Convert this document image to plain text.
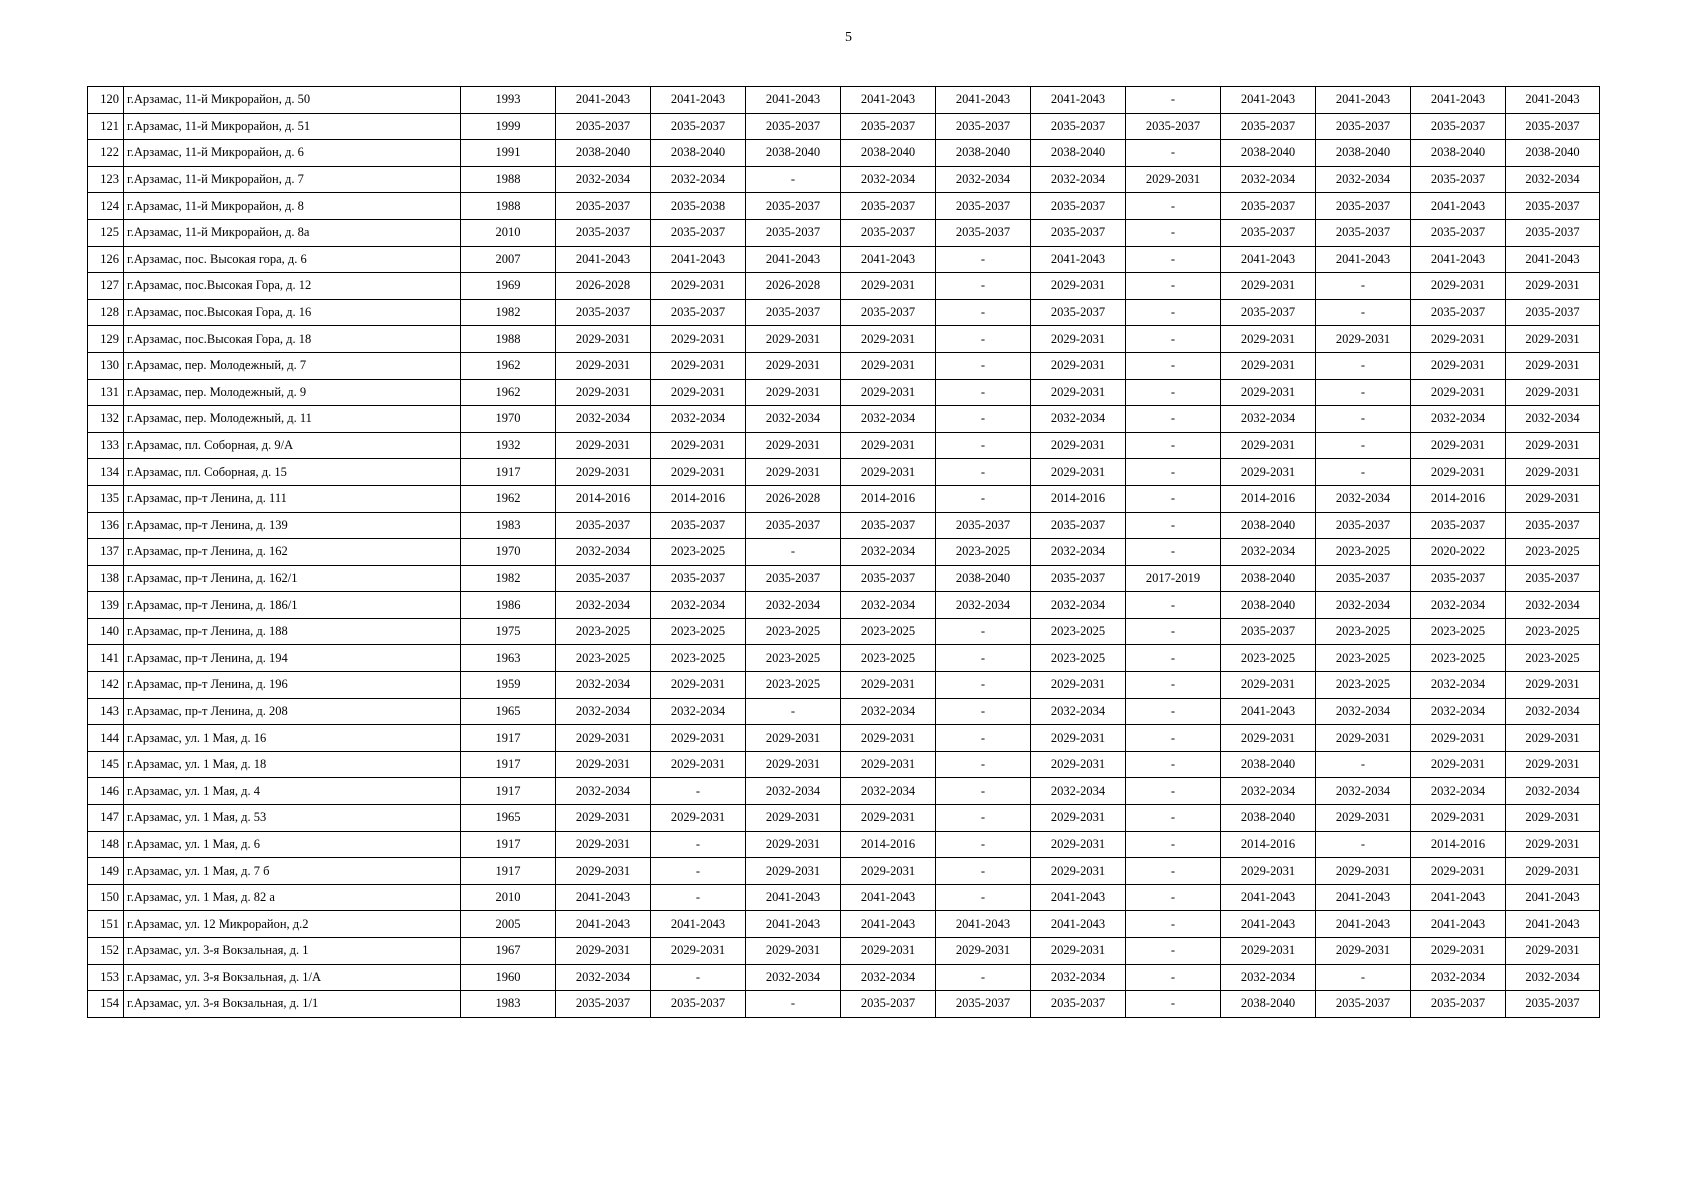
5
120	г.Арзамас, 11-й Микрорайон, д. 50	1993	2041-2043	2041-2043	2041-2043	2041-2043	2041-2043	2041-2043	-	2041-2043	2041-2043	2041-2043	2041-2043
121	г.Арзамас, 11-й Микрорайон, д. 51	1999	2035-2037	2035-2037	2035-2037	2035-2037	2035-2037	2035-2037	2035-2037	2035-2037	2035-2037	2035-2037	2035-2037
122	г.Арзамас, 11-й Микрорайон, д. 6	1991	2038-2040	2038-2040	2038-2040	2038-2040	2038-2040	2038-2040	-	2038-2040	2038-2040	2038-2040	2038-2040
123	г.Арзамас, 11-й Микрорайон, д. 7	1988	2032-2034	2032-2034	-	2032-2034	2032-2034	2032-2034	2029-2031	2032-2034	2032-2034	2035-2037	2032-2034
124	г.Арзамас, 11-й Микрорайон, д. 8	1988	2035-2037	2035-2038	2035-2037	2035-2037	2035-2037	2035-2037	-	2035-2037	2035-2037	2041-2043	2035-2037
125	г.Арзамас, 11-й Микрорайон, д. 8а	2010	2035-2037	2035-2037	2035-2037	2035-2037	2035-2037	2035-2037	-	2035-2037	2035-2037	2035-2037	2035-2037
126	г.Арзамас, пос. Высокая гора, д. 6	2007	2041-2043	2041-2043	2041-2043	2041-2043	-	2041-2043	-	2041-2043	2041-2043	2041-2043	2041-2043
127	г.Арзамас, пос.Высокая Гора, д. 12	1969	2026-2028	2029-2031	2026-2028	2029-2031	-	2029-2031	-	2029-2031	-	2029-2031	2029-2031
128	г.Арзамас, пос.Высокая Гора, д. 16	1982	2035-2037	2035-2037	2035-2037	2035-2037	-	2035-2037	-	2035-2037	-	2035-2037	2035-2037
129	г.Арзамас, пос.Высокая Гора, д. 18	1988	2029-2031	2029-2031	2029-2031	2029-2031	-	2029-2031	-	2029-2031	2029-2031	2029-2031	2029-2031
130	г.Арзамас, пер. Молодежный, д. 7	1962	2029-2031	2029-2031	2029-2031	2029-2031	-	2029-2031	-	2029-2031	-	2029-2031	2029-2031
131	г.Арзамас, пер. Молодежный, д. 9	1962	2029-2031	2029-2031	2029-2031	2029-2031	-	2029-2031	-	2029-2031	-	2029-2031	2029-2031
132	г.Арзамас, пер. Молодежный, д. 11	1970	2032-2034	2032-2034	2032-2034	2032-2034	-	2032-2034	-	2032-2034	-	2032-2034	2032-2034
133	г.Арзамас, пл. Соборная, д. 9/А	1932	2029-2031	2029-2031	2029-2031	2029-2031	-	2029-2031	-	2029-2031	-	2029-2031	2029-2031
134	г.Арзамас, пл. Соборная, д. 15	1917	2029-2031	2029-2031	2029-2031	2029-2031	-	2029-2031	-	2029-2031	-	2029-2031	2029-2031
135	г.Арзамас, пр-т Ленина, д. 111	1962	2014-2016	2014-2016	2026-2028	2014-2016	-	2014-2016	-	2014-2016	2032-2034	2014-2016	2029-2031
136	г.Арзамас, пр-т Ленина, д. 139	1983	2035-2037	2035-2037	2035-2037	2035-2037	2035-2037	2035-2037	-	2038-2040	2035-2037	2035-2037	2035-2037
137	г.Арзамас, пр-т Ленина, д. 162	1970	2032-2034	2023-2025	-	2032-2034	2023-2025	2032-2034	-	2032-2034	2023-2025	2020-2022	2023-2025
138	г.Арзамас, пр-т Ленина, д. 162/1	1982	2035-2037	2035-2037	2035-2037	2035-2037	2038-2040	2035-2037	2017-2019	2038-2040	2035-2037	2035-2037	2035-2037
139	г.Арзамас, пр-т Ленина, д. 186/1	1986	2032-2034	2032-2034	2032-2034	2032-2034	2032-2034	2032-2034	-	2038-2040	2032-2034	2032-2034	2032-2034
140	г.Арзамас, пр-т Ленина, д. 188	1975	2023-2025	2023-2025	2023-2025	2023-2025	-	2023-2025	-	2035-2037	2023-2025	2023-2025	2023-2025
141	г.Арзамас, пр-т Ленина, д. 194	1963	2023-2025	2023-2025	2023-2025	2023-2025	-	2023-2025	-	2023-2025	2023-2025	2023-2025	2023-2025
142	г.Арзамас, пр-т Ленина, д. 196	1959	2032-2034	2029-2031	2023-2025	2029-2031	-	2029-2031	-	2029-2031	2023-2025	2032-2034	2029-2031
143	г.Арзамас, пр-т Ленина, д. 208	1965	2032-2034	2032-2034	-	2032-2034	-	2032-2034	-	2041-2043	2032-2034	2032-2034	2032-2034
144	г.Арзамас, ул. 1 Мая, д. 16	1917	2029-2031	2029-2031	2029-2031	2029-2031	-	2029-2031	-	2029-2031	2029-2031	2029-2031	2029-2031
145	г.Арзамас, ул. 1 Мая, д. 18	1917	2029-2031	2029-2031	2029-2031	2029-2031	-	2029-2031	-	2038-2040	-	2029-2031	2029-2031
146	г.Арзамас, ул. 1 Мая, д. 4	1917	2032-2034	-	2032-2034	2032-2034	-	2032-2034	-	2032-2034	2032-2034	2032-2034	2032-2034
147	г.Арзамас, ул. 1 Мая, д. 53	1965	2029-2031	2029-2031	2029-2031	2029-2031	-	2029-2031	-	2038-2040	2029-2031	2029-2031	2029-2031
148	г.Арзамас, ул. 1 Мая, д. 6	1917	2029-2031	-	2029-2031	2014-2016	-	2029-2031	-	2014-2016	-	2014-2016	2029-2031
149	г.Арзамас, ул. 1 Мая, д. 7 б	1917	2029-2031	-	2029-2031	2029-2031	-	2029-2031	-	2029-2031	2029-2031	2029-2031	2029-2031
150	г.Арзамас, ул. 1 Мая, д. 82 а	2010	2041-2043	-	2041-2043	2041-2043	-	2041-2043	-	2041-2043	2041-2043	2041-2043	2041-2043
151	г.Арзамас, ул. 12 Микрорайон, д.2	2005	2041-2043	2041-2043	2041-2043	2041-2043	2041-2043	2041-2043	-	2041-2043	2041-2043	2041-2043	2041-2043
152	г.Арзамас, ул. 3-я Вокзальная, д. 1	1967	2029-2031	2029-2031	2029-2031	2029-2031	2029-2031	2029-2031	-	2029-2031	2029-2031	2029-2031	2029-2031
153	г.Арзамас, ул. 3-я Вокзальная, д. 1/А	1960	2032-2034	-	2032-2034	2032-2034	-	2032-2034	-	2032-2034	-	2032-2034	2032-2034
154	г.Арзамас, ул. 3-я Вокзальная, д. 1/1	1983	2035-2037	2035-2037	-	2035-2037	2035-2037	2035-2037	-	2038-2040	2035-2037	2035-2037	2035-2037
